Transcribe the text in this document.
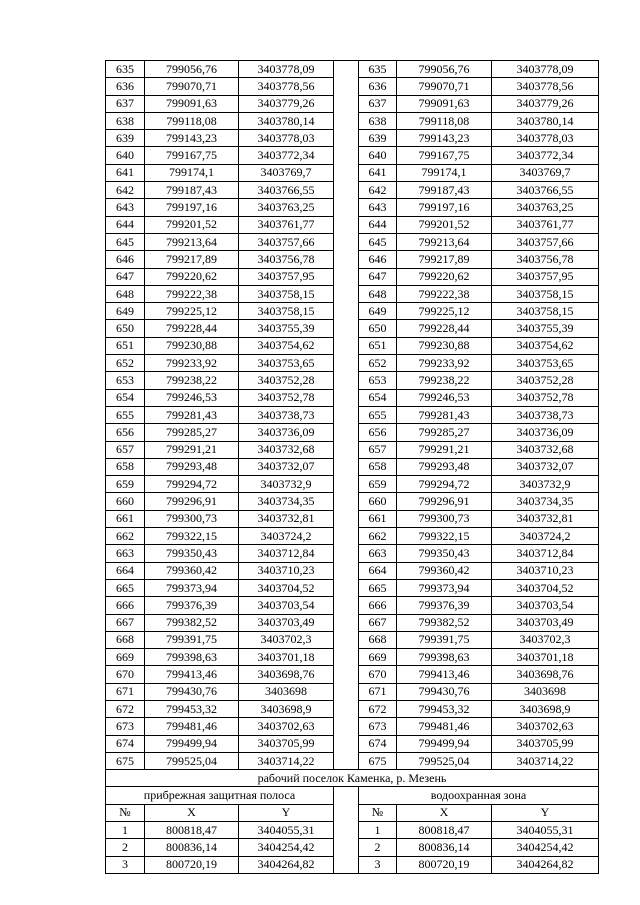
635	799056,76	3403778,09		635	799056,76	3403778,09
636	799070,71	3403778,56		636	799070,71	3403778,56
637	799091,63	3403779,26		637	799091,63	3403779,26
638	799118,08	3403780,14		638	799118,08	3403780,14
639	799143,23	3403778,03		639	799143,23	3403778,03
640	799167,75	3403772,34		640	799167,75	3403772,34
641	799174,1	3403769,7		641	799174,1	3403769,7
642	799187,43	3403766,55		642	799187,43	3403766,55
643	799197,16	3403763,25		643	799197,16	3403763,25
644	799201,52	3403761,77		644	799201,52	3403761,77
645	799213,64	3403757,66		645	799213,64	3403757,66
646	799217,89	3403756,78		646	799217,89	3403756,78
647	799220,62	3403757,95		647	799220,62	3403757,95
648	799222,38	3403758,15		648	799222,38	3403758,15
649	799225,12	3403758,15		649	799225,12	3403758,15
650	799228,44	3403755,39		650	799228,44	3403755,39
651	799230,88	3403754,62		651	799230,88	3403754,62
652	799233,92	3403753,65		652	799233,92	3403753,65
653	799238,22	3403752,28		653	799238,22	3403752,28
654	799246,53	3403752,78		654	799246,53	3403752,78
655	799281,43	3403738,73		655	799281,43	3403738,73
656	799285,27	3403736,09		656	799285,27	3403736,09
657	799291,21	3403732,68		657	799291,21	3403732,68
658	799293,48	3403732,07		658	799293,48	3403732,07
659	799294,72	3403732,9		659	799294,72	3403732,9
660	799296,91	3403734,35		660	799296,91	3403734,35
661	799300,73	3403732,81		661	799300,73	3403732,81
662	799322,15	3403724,2		662	799322,15	3403724,2
663	799350,43	3403712,84		663	799350,43	3403712,84
664	799360,42	3403710,23		664	799360,42	3403710,23
665	799373,94	3403704,52		665	799373,94	3403704,52
666	799376,39	3403703,54		666	799376,39	3403703,54
667	799382,52	3403703,49		667	799382,52	3403703,49
668	799391,75	3403702,3		668	799391,75	3403702,3
669	799398,63	3403701,18		669	799398,63	3403701,18
670	799413,46	3403698,76		670	799413,46	3403698,76
671	799430,76	3403698		671	799430,76	3403698
672	799453,32	3403698,9		672	799453,32	3403698,9
673	799481,46	3403702,63		673	799481,46	3403702,63
674	799499,94	3403705,99		674	799499,94	3403705,99
675	799525,04	3403714,22		675	799525,04	3403714,22
рабочий поселок Каменка, р. Мезень						
прибрежная защитная полоса				водоохранная зона		
№	X	Y		№	X	Y
1	800818,47	3404055,31		1	800818,47	3404055,31
2	800836,14	3404254,42		2	800836,14	3404254,42
3	800720,19	3404264,82		3	800720,19	3404264,82
